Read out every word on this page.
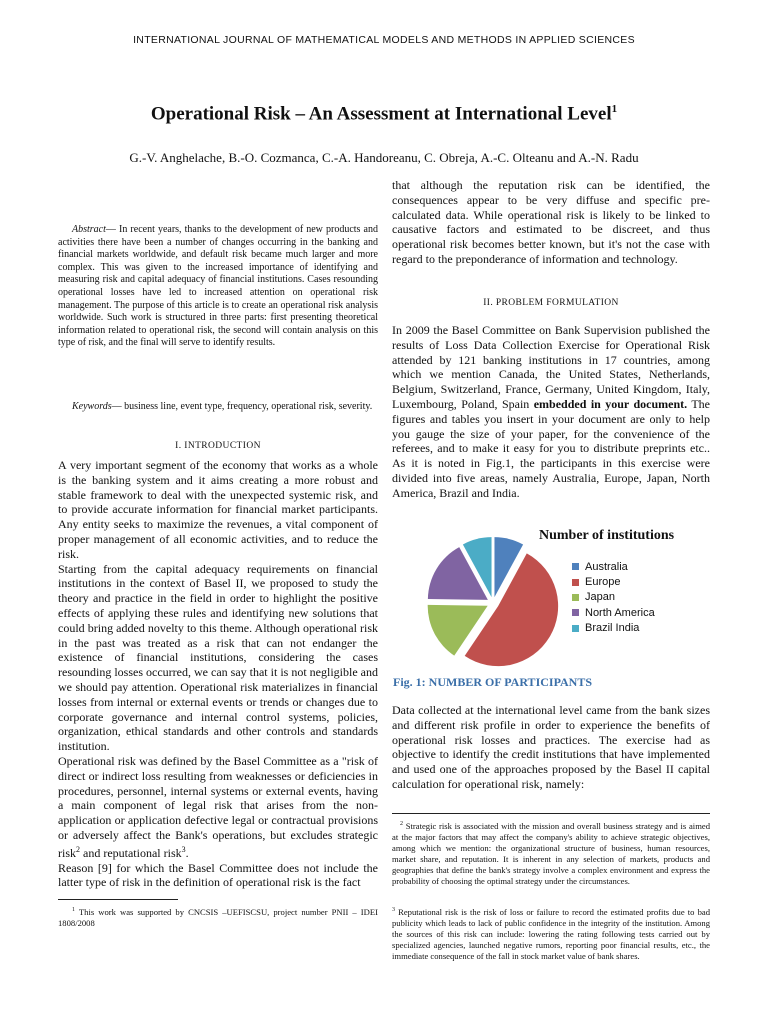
INTERNATIONAL JOURNAL OF MATHEMATICAL MODELS AND METHODS IN APPLIED SCIENCES
Operational Risk – An Assessment at International Level$^1$
G.-V. Anghelache, B.-O. Cozmanca, C.-A. Handoreanu, C. Obreja, A.-C. Olteanu and A.-N. Radu

Abstract— In recent years, thanks to the development of new products and activities there have been a number of changes occurring in the banking and financial markets worldwide, and default risk became much larger and more complex. This was given to the increased importance of identifying and measuring risk and capital adequacy of financial institutions. Cases resounding operational losses have led to increased attention on operational risk management. The purpose of this article is to create an operational risk analysis worldwide. Such work is structured in three parts: first presenting theoretical information related to operational risk, the second will contain analysis on this type of risk, and the final will serve to identify results.

Keywords— business line, event type, frequency, operational risk, severity.

I. INTRODUCTION

A very important segment of the economy that works as a whole is the banking system and it aims creating a more robust and stable framework to deal with the unexpected systemic risk, and to provide accurate information for financial market participants. Any entity seeks to maximize the revenues, a vital component of proper management of all economic activities, and to reduce the risk.

Starting from the capital adequacy requirements on financial institutions in the context of Basel II, we proposed to study the theory and practice in the field in order to highlight the positive effects of applying these rules and identifying new solutions that could bring added novelty to this theme. Although operational risk in the past was treated as a risk that can not endanger the existence of financial institutions, considering the cases resounding losses occurred, we can say that it is not negligible and we should pay attention. Operational risk materializes in financial losses from internal or external events or trends or changes due to corporate governance and internal control systems, policies, organization, ethical standards and other controls and standards institution.

Operational risk was defined by the Basel Committee as a "risk of direct or indirect loss resulting from weaknesses or deficiencies in procedures, personnel, internal systems or external events, having a main component of legal risk that arises from the non-application or application defective legal or contractual provisions or adversely affect the Bank's operations, but excludes strategic risk$^2$ and reputational risk$^3$.

Reason [9] for which the Basel Committee does not include the latter type of risk in the definition of operational risk is the fact

$^1$ This work was supported by CNCSIS –UEFISCSU, project number PNII – IDEI 1808/2008

that although the reputation risk can be identified, the consequences appear to be very diffuse and specific pre-calculated data. While operational risk is likely to be linked to causative factors and estimated to be discreet, and thus operational risk becomes better known, but it's not the case with regard to the preponderance of information and technology.
II. PROBLEM FORMULATION

In 2009 the Basel Committee on Bank Supervision published the results of Loss Data Collection Exercise for Operational Risk attended by 121 banking institutions in 17 countries, among which we mention Canada, the United States, Netherlands, Belgium, Switzerland, France, Germany, United Kingdom, Italy, Luxembourg, Poland, Spain embedded in your document. The figures and tables you insert in your document are only to help you gauge the size of your paper, for the convenience of the referees, and to make it easy for you to distribute preprints etc.. As it is noted in Fig.1, the participants in this exercise were divided into five areas, namely Australia, Europe, Japan, North America, Brazil and India.

Number of institutions
Australia
Europe
Japan
North America
Brazil India
Fig. 1: NUMBER OF PARTICIPANTS
Data collected at the international level came from the bank sizes and different risk profile in order to experience the benefits of operational risk losses and practices. The exercise had as objective to identify the credit institutions that have implemented and used one of the approaches proposed by the Basel II capital calculation for operational risk, namely:

$^2$ Strategic risk is associated with the mission and overall business strategy and is aimed at the major factors that may affect the company's ability to achieve strategic objectives, among which we mention: the organizational structure of business, human resources, market share, and reputation. It is inherent in any selection of markets, products and geographies that define the bank's strategy involve a complex environment and express the probability of choosing the optimal strategy under the circumstances.

$^3$ Reputational risk is the risk of loss or failure to record the estimated profits due to bad publicity which leads to lack of public confidence in the integrity of the institution. Among the sources of this risk can include: lowering the rating following tests carried out by specialized agencies, launched negative rumors, reporting poor financial results, etc., the immediate consequence of the fall in stock market value of bank shares.
